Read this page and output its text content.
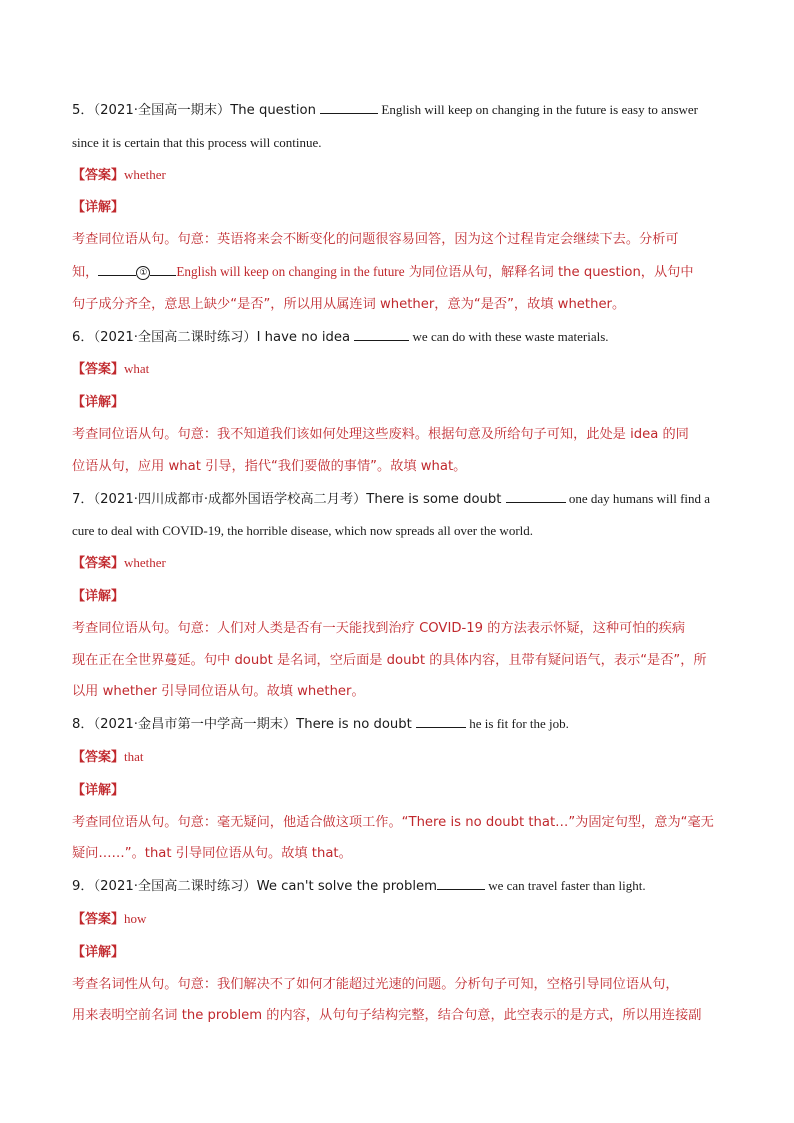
5．（2021·全国高一期末）The question	English will keep on changing in the future is easy to answer
since it is certain that this process will continue.
【答案】whether
【详解】
考查同位语从句。句意：英语将来会不断变化的问题很容易回答，因为这个过程肯定会继续下去。分析可
知，	① English will keep on changing in the future 为同位语从句，解释名词 the question，从句中
句子成分齐全，意思上缺少“是否”，所以用从属连词 whether，意为“是否”，故填 whether。
6．（2021·全国高二课时练习）I have no idea	we can do with these waste materials.
【答案】what
【详解】
考查同位语从句。句意：我不知道我们该如何处理这些废料。根据句意及所给句子可知，此处是 idea 的同
位语从句，应用 what 引导，指代“我们要做的事情”。故填 what。
7．（2021·四川成都市·成都外国语学校高二月考）There is some doubt	one day humans will find a
cure to deal with COVID-19, the horrible disease, which now spreads all over the world.
【答案】whether
【详解】
考查同位语从句。句意：人们对人类是否有一天能找到治疗 COVID-19 的方法表示怀疑，这种可怕的疾病
现在正在全世界蔓延。句中 doubt 是名词，空后面是 doubt 的具体内容，且带有疑问语气，表示“是否”，所
以用 whether 引导同位语从句。故填 whether。
8．（2021·金昌市第一中学高一期末）There is no doubt	he is fit for the job.
【答案】that
【详解】
考查同位语从句。句意：毫无疑问，他适合做这项工作。“There is no doubt that…”为固定句型，意为“毫无
疑问……”。that 引导同位语从句。故填 that。
9．（2021·全国高二课时练习）We can't solve the problem	we can travel faster than light.
【答案】how
【详解】
考查名词性从句。句意：我们解决不了如何才能超过光速的问题。分析句子可知，空格引导同位语从句，
用来表明空前名词 the problem 的内容，从句句子结构完整，结合句意，此空表示的是方式，所以用连接副
